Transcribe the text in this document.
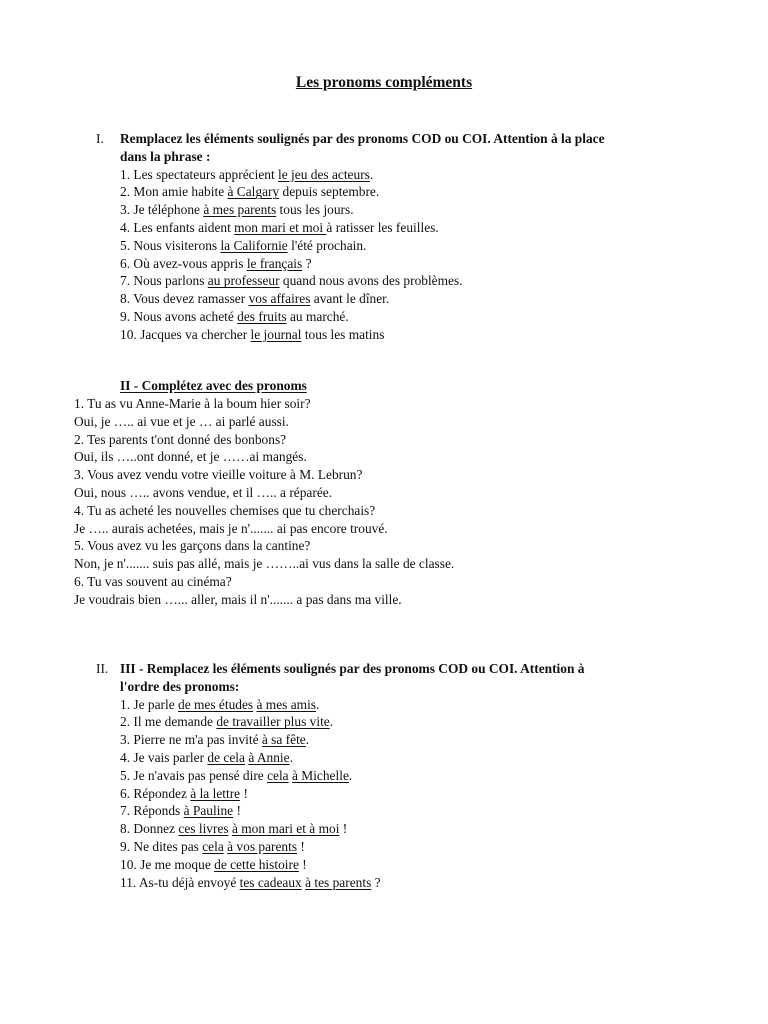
Les pronoms compléments
I. Remplacez les éléments soulignés par des pronoms COD ou COI. Attention à la place
dans la phrase :
1. Les spectateurs apprécient le jeu des acteurs.
2. Mon amie habite à Calgary depuis septembre.
3. Je téléphone à mes parents tous les jours.
4. Les enfants aident mon mari et moi à ratisser les feuilles.
5. Nous visiterons la Californie l'été prochain.
6. Où avez-vous appris le français ?
7. Nous parlons au professeur quand nous avons des problèmes.
8. Vous devez ramasser vos affaires avant le dîner.
9. Nous avons acheté des fruits au marché.
10. Jacques va chercher le journal tous les matins
II - Complétez avec des pronoms
1. Tu as vu Anne-Marie à la boum hier soir?
Oui, je ….. ai vue et je … ai parlé aussi.
2. Tes parents t'ont donné des bonbons?
Oui, ils …..ont donné, et je ……ai mangés.
3. Vous avez vendu votre vieille voiture à M. Lebrun?
Oui, nous ….. avons vendue, et il ….. a réparée.
4. Tu as acheté les nouvelles chemises que tu cherchais?
Je ….. aurais achetées, mais je n'....... ai pas encore trouvé.
5. Vous avez vu les garçons dans la cantine?
Non, je n'....... suis pas allé, mais je ……..ai vus dans la salle de classe.
6. Tu vas souvent au cinéma?
Je voudrais bien …... aller, mais il n'....... a pas dans ma ville.
II. III - Remplacez les éléments soulignés par des pronoms COD ou COI. Attention à
l'ordre des pronoms:
1. Je parle de mes études à mes amis.
2. Il me demande de travailler plus vite.
3. Pierre ne m'a pas invité à sa fête.
4. Je vais parler de cela à Annie.
5. Je n'avais pas pensé dire cela à Michelle.
6. Répondez à la lettre !
7. Réponds à Pauline !
8. Donnez ces livres à mon mari et à moi !
9. Ne dites pas cela à vos parents !
10. Je me moque de cette histoire !
11. As-tu déjà envoyé tes cadeaux à tes parents ?
